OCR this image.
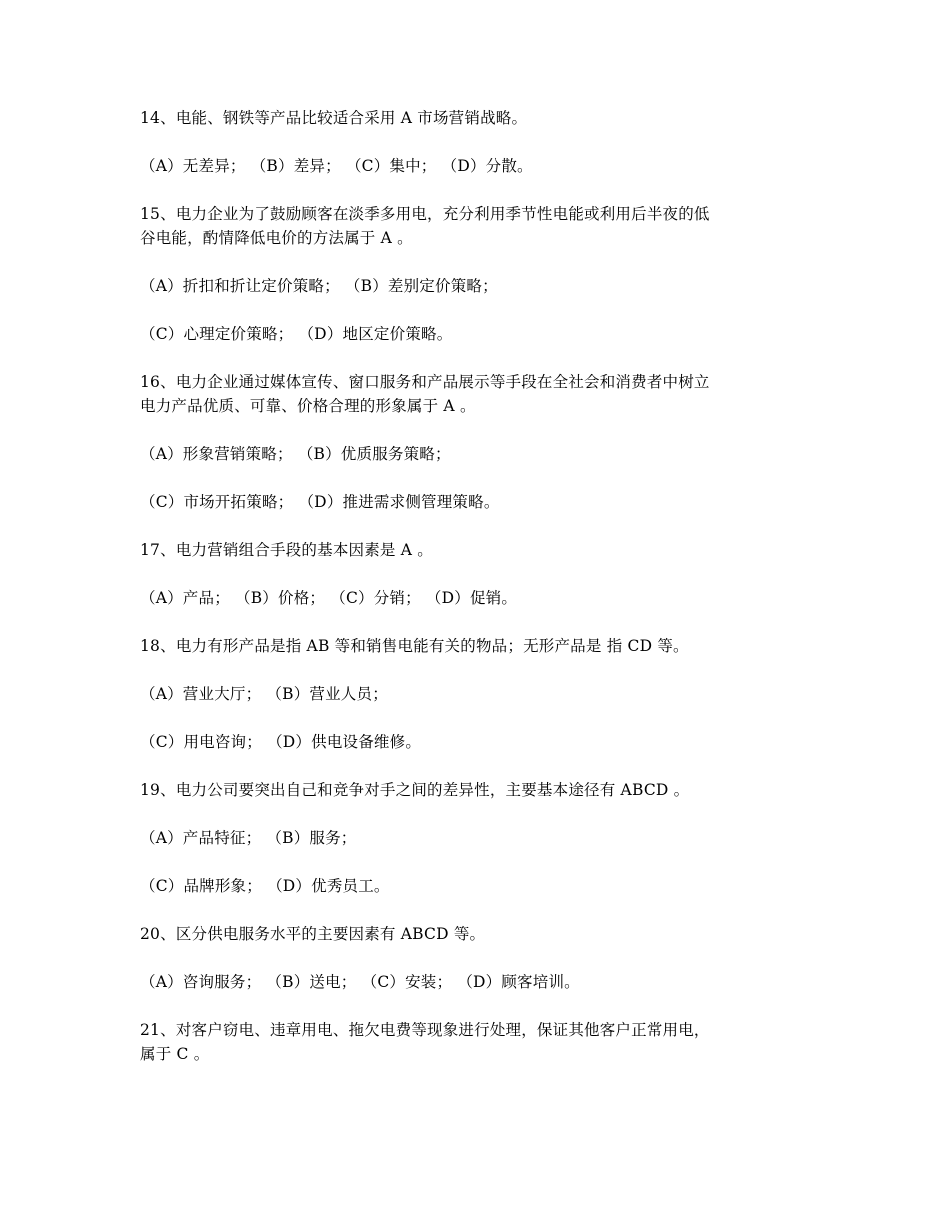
14、电能、钢铁等产品比较适合采用 A 市场营销战略。
（A）无差异； （B）差异； （C）集中； （D）分散。
15、电力企业为了鼓励顾客在淡季多用电，充分利用季节性电能或利用后半夜的低
谷电能，酌情降低电价的方法属于 A 。
（A）折扣和折让定价策略； （B）差别定价策略；
（C）心理定价策略； （D）地区定价策略。
16、电力企业通过媒体宣传、窗口服务和产品展示等手段在全社会和消费者中树立
电力产品优质、可靠、价格合理的形象属于 A 。
（A）形象营销策略； （B）优质服务策略；
（C）市场开拓策略； （D）推进需求侧管理策略。
17、电力营销组合手段的基本因素是 A 。
（A）产品； （B）价格； （C）分销； （D）促销。
18、电力有形产品是指 AB 等和销售电能有关的物品；无形产品是 指 CD 等。
（A）营业大厅； （B）营业人员；
（C）用电咨询； （D）供电设备维修。
19、电力公司要突出自己和竞争对手之间的差异性，主要基本途径有 ABCD 。
（A）产品特征； （B）服务；
（C）品牌形象； （D）优秀员工。
20、区分供电服务水平的主要因素有 ABCD 等。
（A）咨询服务； （B）送电； （C）安装； （D）顾客培训。
21、对客户窃电、违章用电、拖欠电费等现象进行处理，保证其他客户正常用电，
属于 C 。
